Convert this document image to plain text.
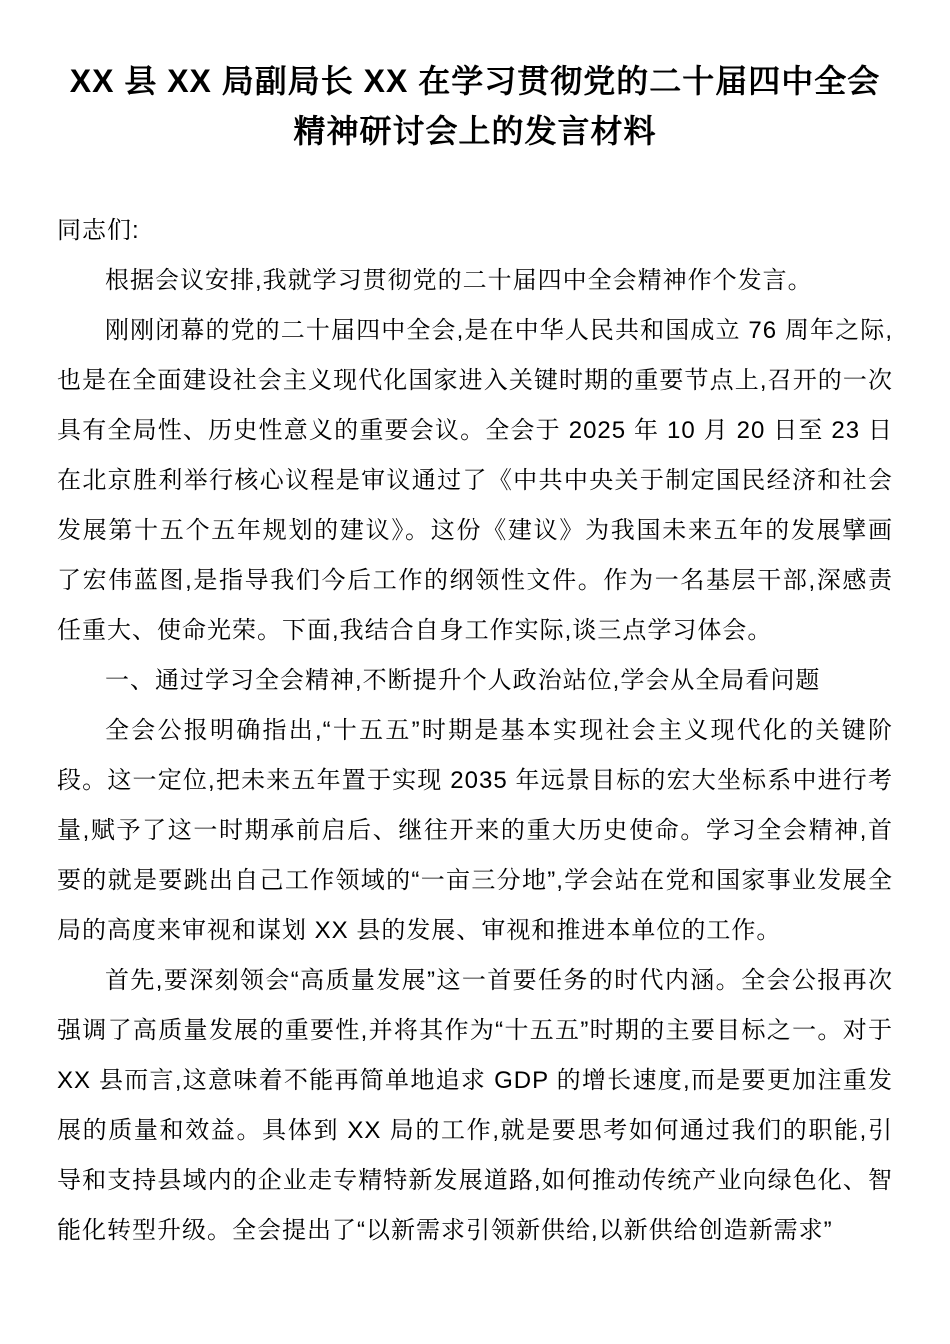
XX 县 XX 局副局长 XX 在学习贯彻党的二十届四中全会精神研讨会上的发言材料

同志们:

根据会议安排,我就学习贯彻党的二十届四中全会精神作个发言。

刚刚闭幕的党的二十届四中全会,是在中华人民共和国成立 76 周年之际,也是在全面建设社会主义现代化国家进入关键时期的重要节点上,召开的一次具有全局性、历史性意义的重要会议。全会于 2025 年 10 月 20 日至 23 日在北京胜利举行核心议程是审议通过了《中共中央关于制定国民经济和社会发展第十五个五年规划的建议》。这份《建议》为我国未来五年的发展擘画了宏伟蓝图,是指导我们今后工作的纲领性文件。作为一名基层干部,深感责任重大、使命光荣。下面,我结合自身工作实际,谈三点学习体会。

一、通过学习全会精神,不断提升个人政治站位,学会从全局看问题

全会公报明确指出,“十五五”时期是基本实现社会主义现代化的关键阶段。这一定位,把未来五年置于实现 2035 年远景目标的宏大坐标系中进行考量,赋予了这一时期承前启后、继往开来的重大历史使命。学习全会精神,首要的就是要跳出自己工作领域的“一亩三分地”,学会站在党和国家事业发展全局的高度来审视和谋划 XX 县的发展、审视和推进本单位的工作。

首先,要深刻领会“高质量发展”这一首要任务的时代内涵。全会公报再次强调了高质量发展的重要性,并将其作为“十五五”时期的主要目标之一。对于 XX 县而言,这意味着不能再简单地追求 GDP 的增长速度,而是要更加注重发展的质量和效益。具体到 XX 局的工作,就是要思考如何通过我们的职能,引导和支持县域内的企业走专精特新发展道路,如何推动传统产业向绿色化、智能化转型升级。全会提出了“以新需求引领新供给,以新供给创造新需求”
